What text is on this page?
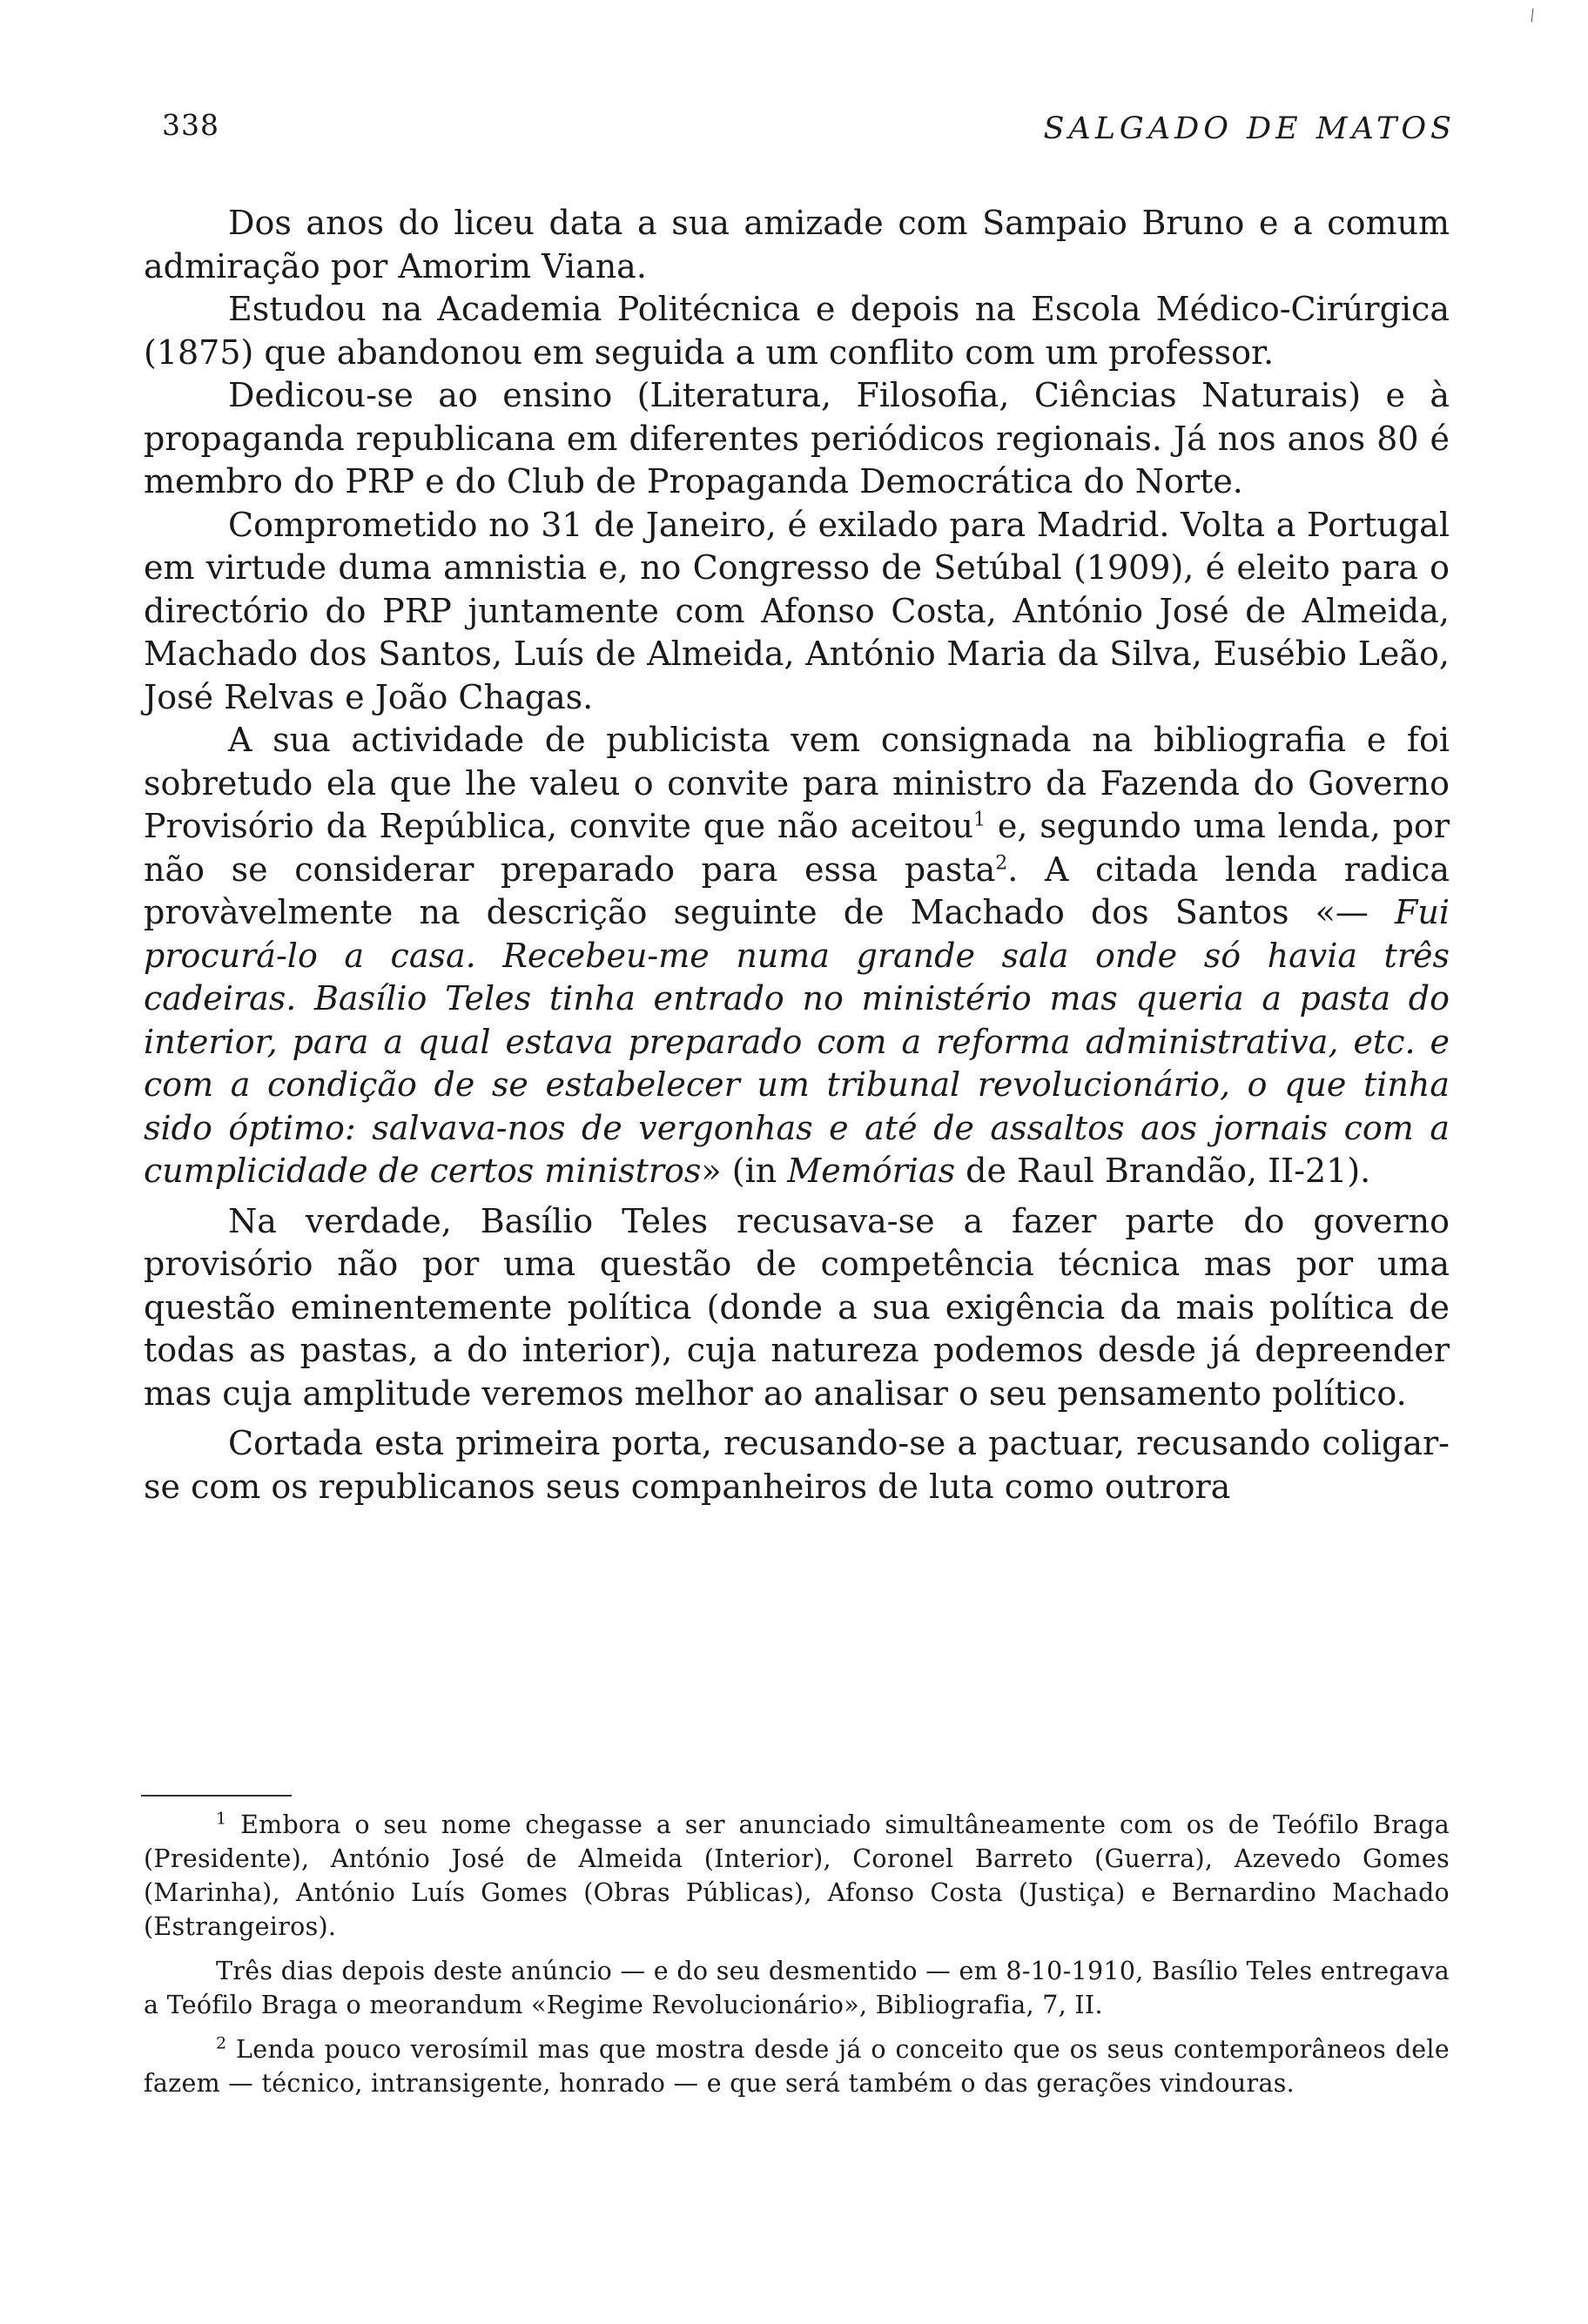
⁄
338	SALGADO DE MATOS

Dos anos do liceu data a sua amizade com Sampaio Bruno e a comum admiração por Amorim Viana.

Estudou na Academia Politécnica e depois na Escola Médico-Cirúrgica (1875) que abandonou em seguida a um conflito com um professor.

Dedicou-se ao ensino (Literatura, Filosofia, Ciências Naturais) e à propaganda republicana em diferentes periódicos regionais. Já nos anos 80 é membro do PRP e do Club de Propaganda Democrática do Norte.

Comprometido no 31 de Janeiro, é exilado para Madrid. Volta a Portugal em virtude duma amnistia e, no Congresso de Setúbal (1909), é eleito para o directório do PRP juntamente com Afonso Costa, António José de Almeida, Machado dos Santos, Luís de Almeida, António Maria da Silva, Eusébio Leão, José Relvas e João Chagas.

A sua actividade de publicista vem consignada na bibliografia e foi sobretudo ela que lhe valeu o convite para ministro da Fazenda do Governo Provisório da República, convite que não aceitou$^1$ e, segundo uma lenda, por não se considerar preparado para essa pasta$^2$. A citada lenda radica provàvelmente na descrição seguinte de Machado dos Santos «— Fui procurá-lo a casa. Recebeu-me numa grande sala onde só havia três cadeiras. Basílio Teles tinha entrado no ministério mas queria a pasta do interior, para a qual estava preparado com a reforma administrativa, etc. e com a condição de se estabelecer um tribunal revolucionário, o que tinha sido óptimo: salvava-nos de vergonhas e até de assaltos aos jornais com a cumplicidade de certos ministros» (in Memórias de Raul Brandão, II-21).

Na verdade, Basílio Teles recusava-se a fazer parte do governo provisório não por uma questão de competência técnica mas por uma questão eminentemente política (donde a sua exigência da mais política de todas as pastas, a do interior), cuja natureza podemos desde já depreender mas cuja amplitude veremos melhor ao analisar o seu pensamento político.

Cortada esta primeira porta, recusando-se a pactuar, recusando coligar-se com os republicanos seus companheiros de luta como outrora

$^1$ Embora o seu nome chegasse a ser anunciado simultâneamente com os de Teófilo Braga (Presidente), António José de Almeida (Interior), Coronel Barreto (Guerra), Azevedo Gomes (Marinha), António Luís Gomes (Obras Públicas), Afonso Costa (Justiça) e Bernardino Machado (Estrangeiros).

Três dias depois deste anúncio — e do seu desmentido — em 8-10-1910, Basílio Teles entregava a Teófilo Braga o meorandum «Regime Revolucionário», Bibliografia, 7, II.

$^2$ Lenda pouco verosímil mas que mostra desde já o conceito que os seus contemporâneos dele fazem — técnico, intransigente, honrado — e que será também o das gerações vindouras.
